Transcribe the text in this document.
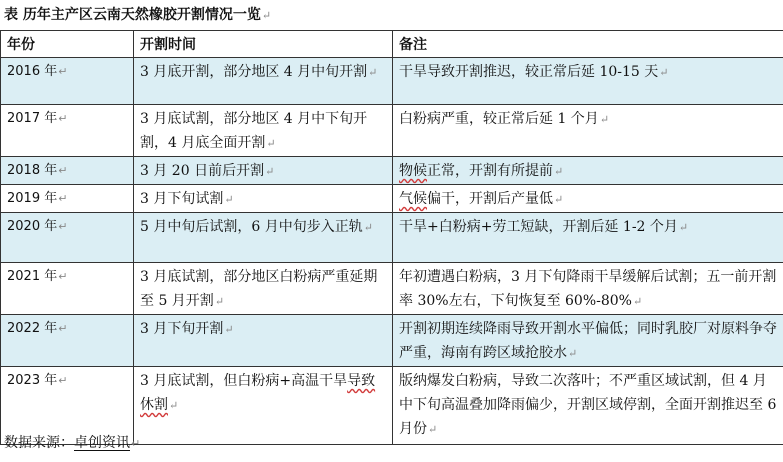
表 历年主产区云南天然橡胶开割情况一览↵
年份	开割时间	备注
2016 年↵	3 月底开割，部分地区 4 月中旬开割↵	干旱导致开割推迟，较正常后延 10-15 天↵
2017 年↵	3 月底试割，部分地区 4 月中下旬开割，4 月底全面开割↵	白粉病严重，较正常后延 1 个月↵
2018 年↵	3 月 20 日前后开割↵	物候正常，开割有所提前↵
2019 年↵	3 月下旬试割↵	气候偏干，开割后产量低↵
2020 年↵	5 月中旬后试割，6 月中旬步入正轨↵	干旱+白粉病+劳工短缺，开割后延 1-2 个月↵
2021 年↵	3 月底试割，部分地区白粉病严重延期至 5 月开割↵	年初遭遇白粉病，3 月下旬降雨干旱缓解后试割；五一前开割率 30%左右，下旬恢复至 60%-80%↵
2022 年↵	3 月下旬开割↵	开割初期连续降雨导致开割水平偏低；同时乳胶厂对原料争夺严重，海南有跨区域抢胶水↵
2023 年↵	3 月底试割，但白粉病+高温干旱导致休割↵	版纳爆发白粉病，导致二次落叶；不严重区域试割，但 4 月中下旬高温叠加降雨偏少，开割区域停割，全面开割推迟至 6 月份↵
数据来源：卓创资讯↵
